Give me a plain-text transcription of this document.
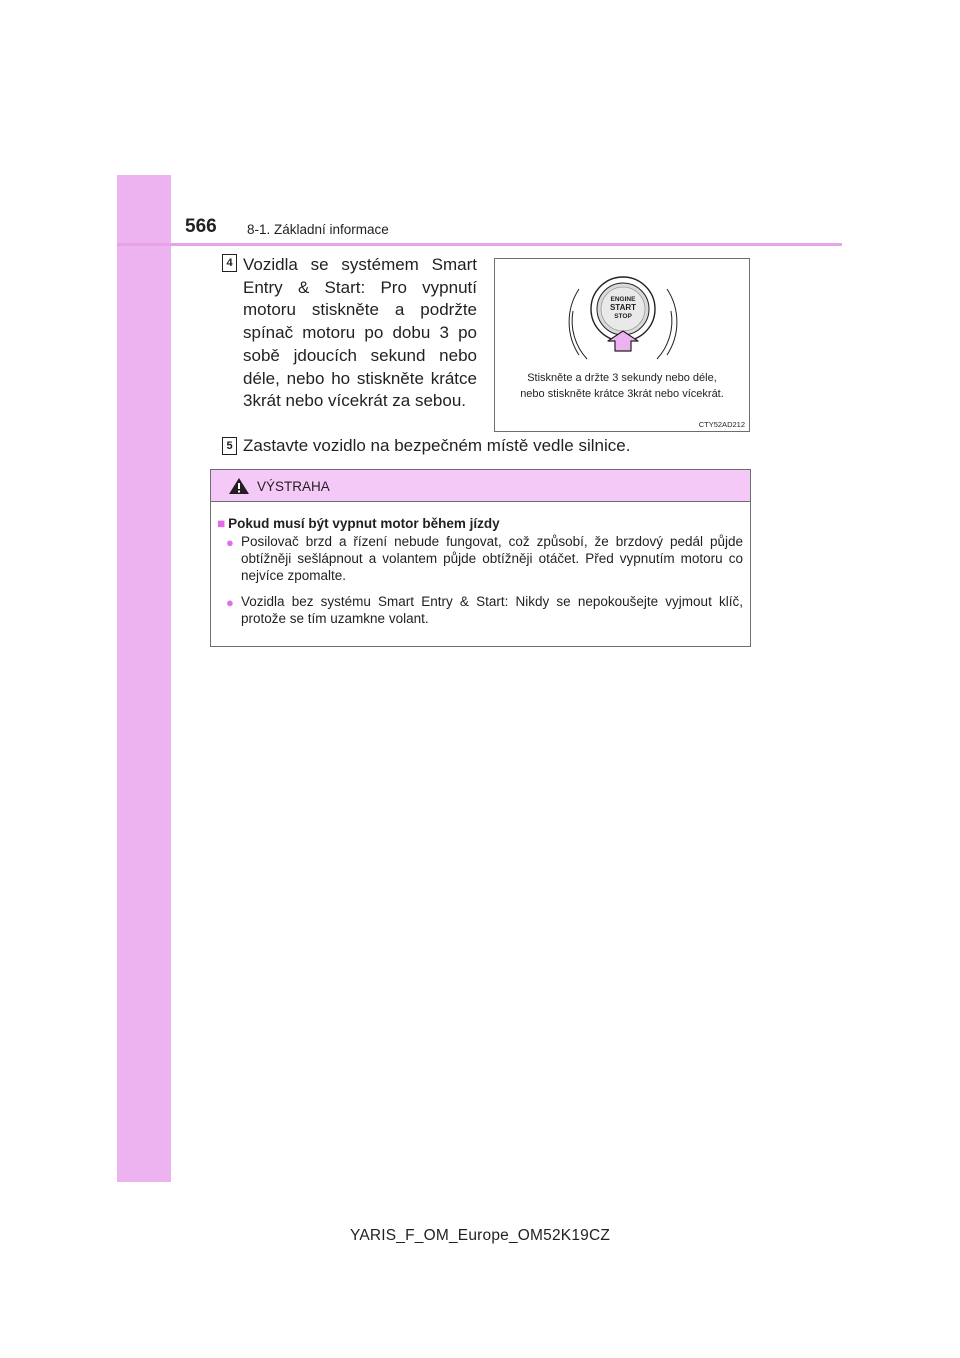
566 8-1. Základní informace
4 Vozidla se systémem Smart Entry & Start: Pro vypnutí motoru stiskněte a podržte spínač motoru po dobu 3 po sobě jdoucích sekund nebo déle, nebo ho stiskněte krátce 3krát nebo vícekrát za sebou.
ENGINE
START
STOP
Stiskněte a držte 3 sekundy nebo déle,
nebo stiskněte krátce 3krát nebo vícekrát.
CTY52AD212
5 Zastavte vozidlo na bezpečném místě vedle silnice.
VÝSTRAHA
■ Pokud musí být vypnut motor během jízdy
● Posilovač brzd a řízení nebude fungovat, což způsobí, že brzdový pedál půjde obtížněji sešlápnout a volantem půjde obtížněji otáčet. Před vypnutím motoru co nejvíce zpomalte.
● Vozidla bez systému Smart Entry & Start: Nikdy se nepokoušejte vyjmout klíč, protože se tím uzamkne volant.
YARIS_F_OM_Europe_OM52K19CZ
